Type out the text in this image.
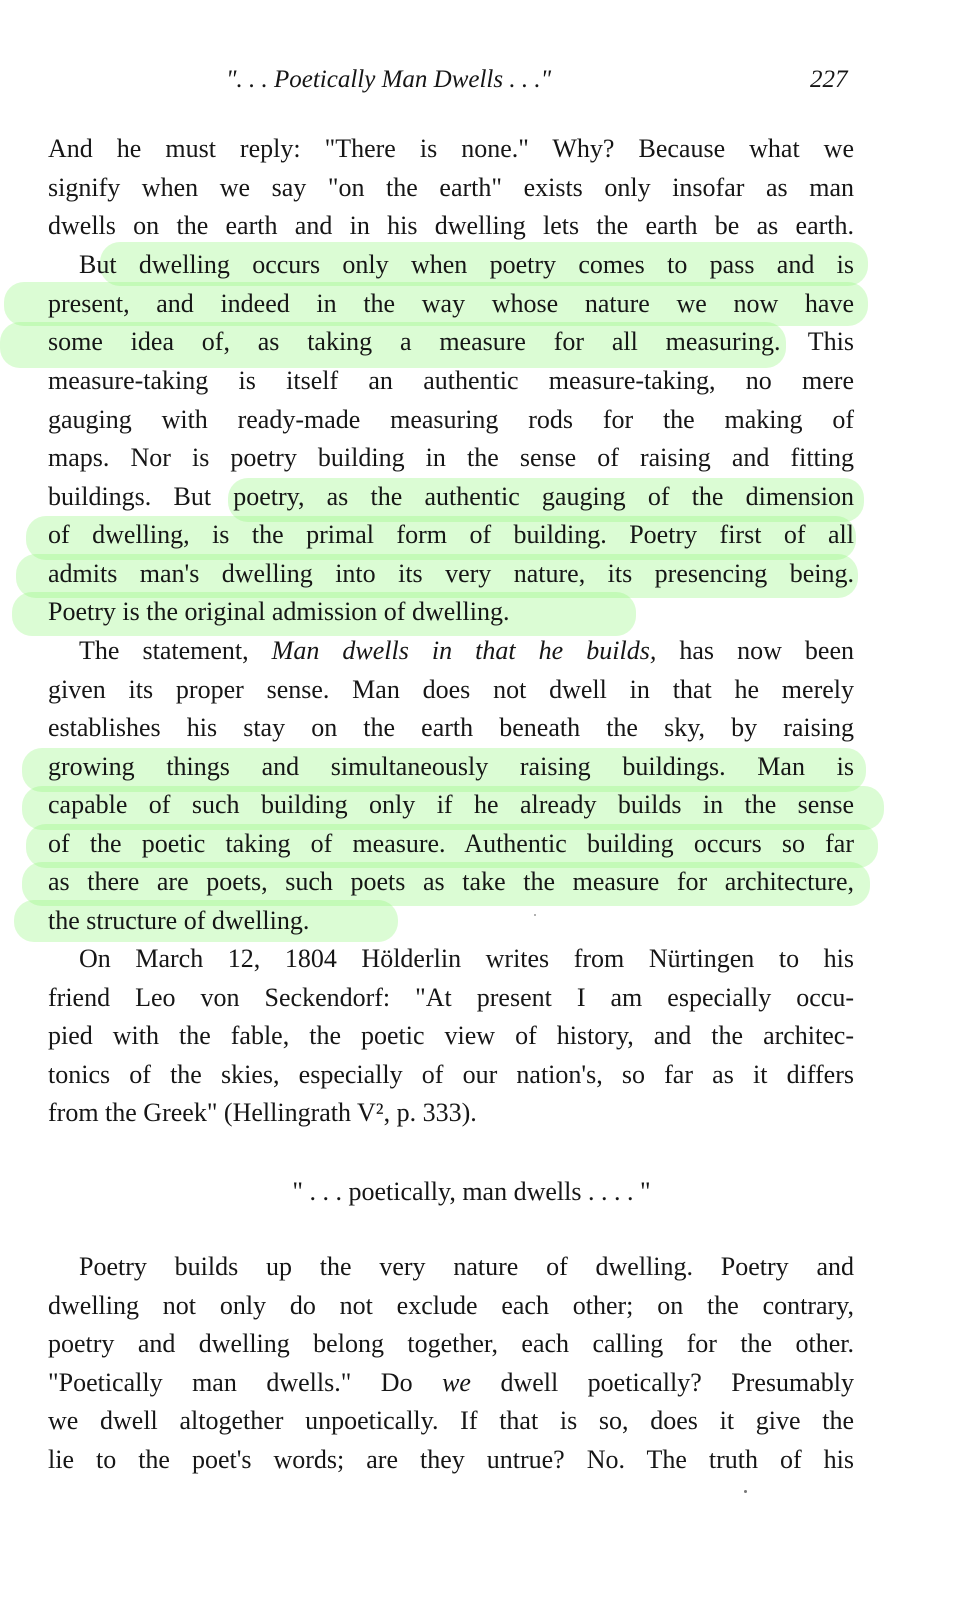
". . . Poetically Man Dwells . . ."	227
And he must reply: "There is none." Why? Because what we
signify when we say "on the earth" exists only insofar as man
dwells on the earth and in his dwelling lets the earth be as earth.
But dwelling occurs only when poetry comes to pass and is
present, and indeed in the way whose nature we now have
some idea of, as taking a measure for all measuring. This
measure-taking is itself an authentic measure-taking, no mere
gauging with ready-made measuring rods for the making of
maps. Nor is poetry building in the sense of raising and fitting
buildings. But poetry, as the authentic gauging of the dimension
of dwelling, is the primal form of building. Poetry first of all
admits man's dwelling into its very nature, its presencing being.
Poetry is the original admission of dwelling.
The statement, Man dwells in that he builds, has now been
given its proper sense. Man does not dwell in that he merely
establishes his stay on the earth beneath the sky, by raising
growing things and simultaneously raising buildings. Man is
capable of such building only if he already builds in the sense
of the poetic taking of measure. Authentic building occurs so far
as there are poets, such poets as take the measure for architecture,
the structure of dwelling.
On March 12, 1804 Hölderlin writes from Nürtingen to his
friend Leo von Seckendorf: "At present I am especially occu-
pied with the fable, the poetic view of history, and the architec-
tonics of the skies, especially of our nation's, so far as it differs
from the Greek" (Hellingrath V², p. 333).
" . . . poetically, man dwells . . . . "
Poetry builds up the very nature of dwelling. Poetry and
dwelling not only do not exclude each other; on the contrary,
poetry and dwelling belong together, each calling for the other.
"Poetically man dwells." Do we dwell poetically? Presumably
we dwell altogether unpoetically. If that is so, does it give the
lie to the poet's words; are they untrue? No. The truth of his
